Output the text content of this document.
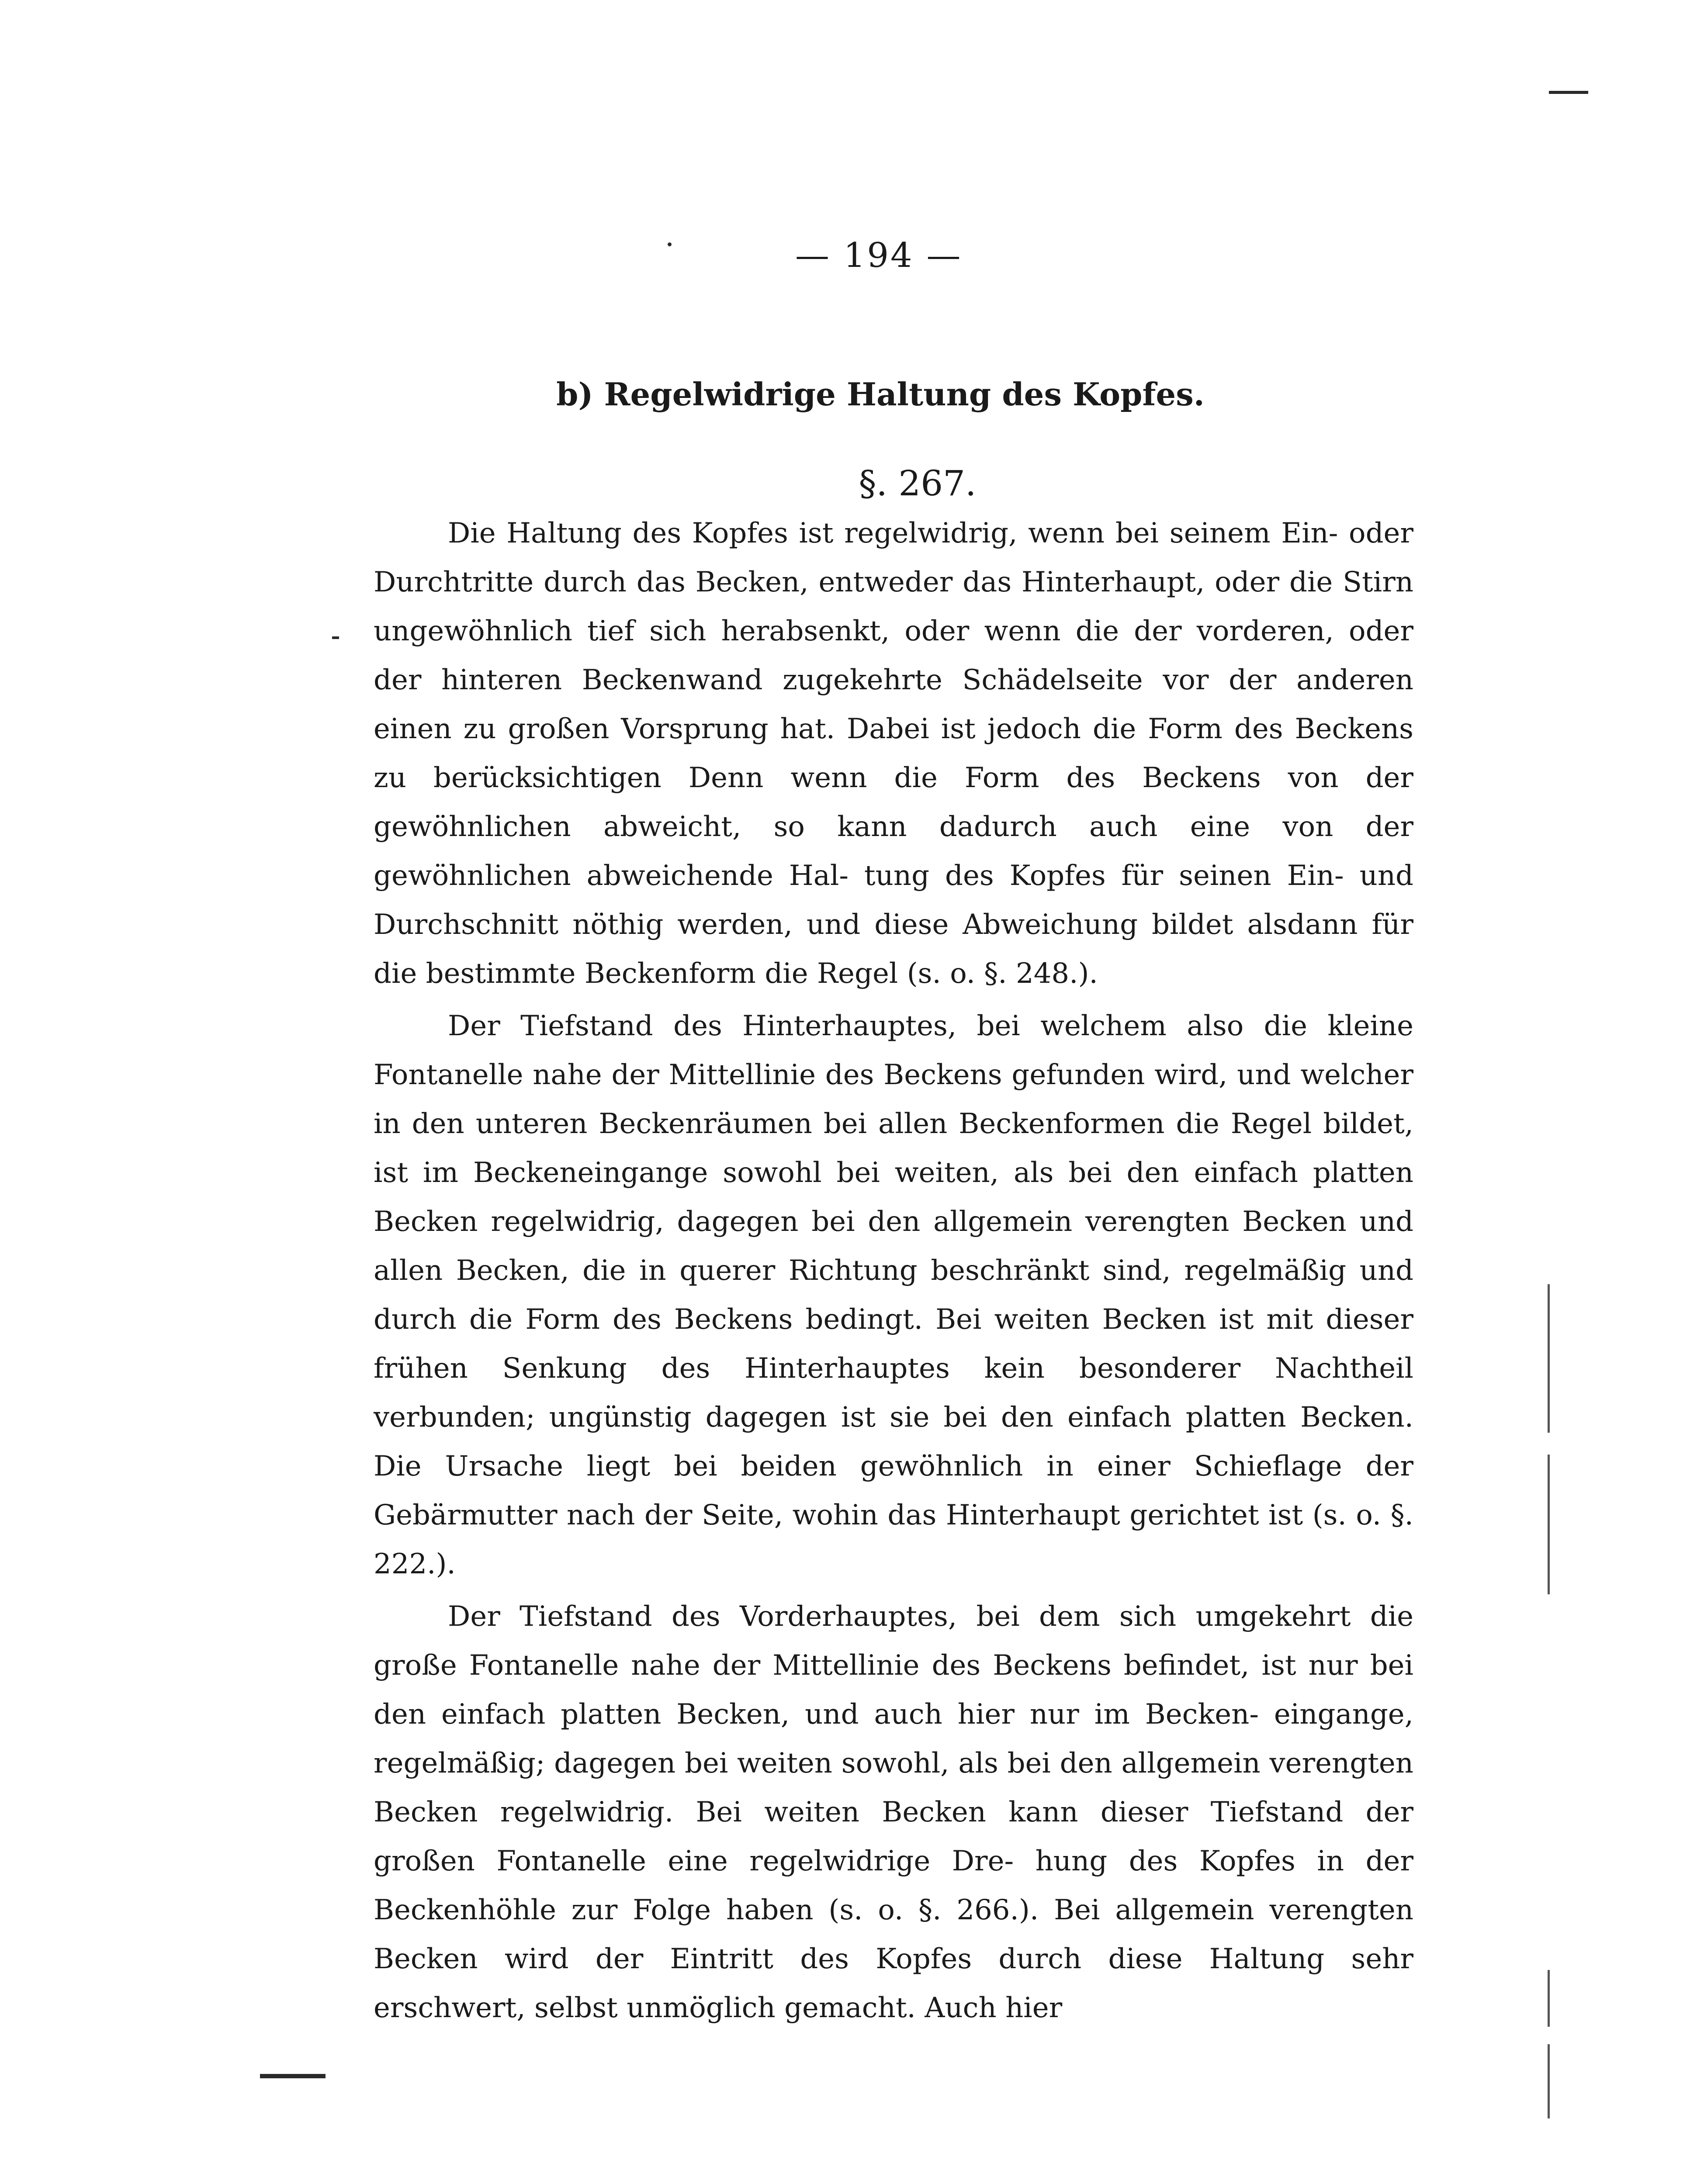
— 194 —
b) Regelwidrige Haltung des Kopfes.
§. 267.

Die Haltung des Kopfes ist regelwidrig, wenn bei seinem Ein- oder Durchtritte durch das Becken, entweder das Hinterhaupt, oder die Stirn ungewöhnlich tief sich herabsenkt, oder wenn die der vorderen, oder der hinteren Beckenwand zugekehrte Schädelseite vor der anderen einen zu großen Vorsprung hat. Dabei ist jedoch die Form des Beckens zu berücksichtigen Denn wenn die Form des Beckens von der gewöhnlichen abweicht, so kann dadurch auch eine von der gewöhnlichen abweichende Hal- tung des Kopfes für seinen Ein- und Durchschnitt nöthig werden, und diese Abweichung bildet alsdann für die bestimmte Beckenform die Regel (s. o. §. 248.).

Der Tiefstand des Hinterhauptes, bei welchem also die kleine Fontanelle nahe der Mittellinie des Beckens gefunden wird, und welcher in den unteren Beckenräumen bei allen Beckenformen die Regel bildet, ist im Beckeneingange sowohl bei weiten, als bei den einfach platten Becken regelwidrig, dagegen bei den allgemein verengten Becken und allen Becken, die in querer Richtung beschränkt sind, regelmäßig und durch die Form des Beckens bedingt. Bei weiten Becken ist mit dieser frühen Senkung des Hinterhauptes kein besonderer Nachtheil verbunden; ungünstig dagegen ist sie bei den einfach platten Becken. Die Ursache liegt bei beiden gewöhnlich in einer Schieflage der Gebärmutter nach der Seite, wohin das Hinterhaupt gerichtet ist (s. o. §. 222.).

Der Tiefstand des Vorderhauptes, bei dem sich umgekehrt die große Fontanelle nahe der Mittellinie des Beckens befindet, ist nur bei den einfach platten Becken, und auch hier nur im Becken- eingange, regelmäßig; dagegen bei weiten sowohl, als bei den allgemein verengten Becken regelwidrig. Bei weiten Becken kann dieser Tiefstand der großen Fontanelle eine regelwidrige Dre- hung des Kopfes in der Beckenhöhle zur Folge haben (s. o. §. 266.). Bei allgemein verengten Becken wird der Eintritt des Kopfes durch diese Haltung sehr erschwert, selbst unmöglich gemacht. Auch hier
